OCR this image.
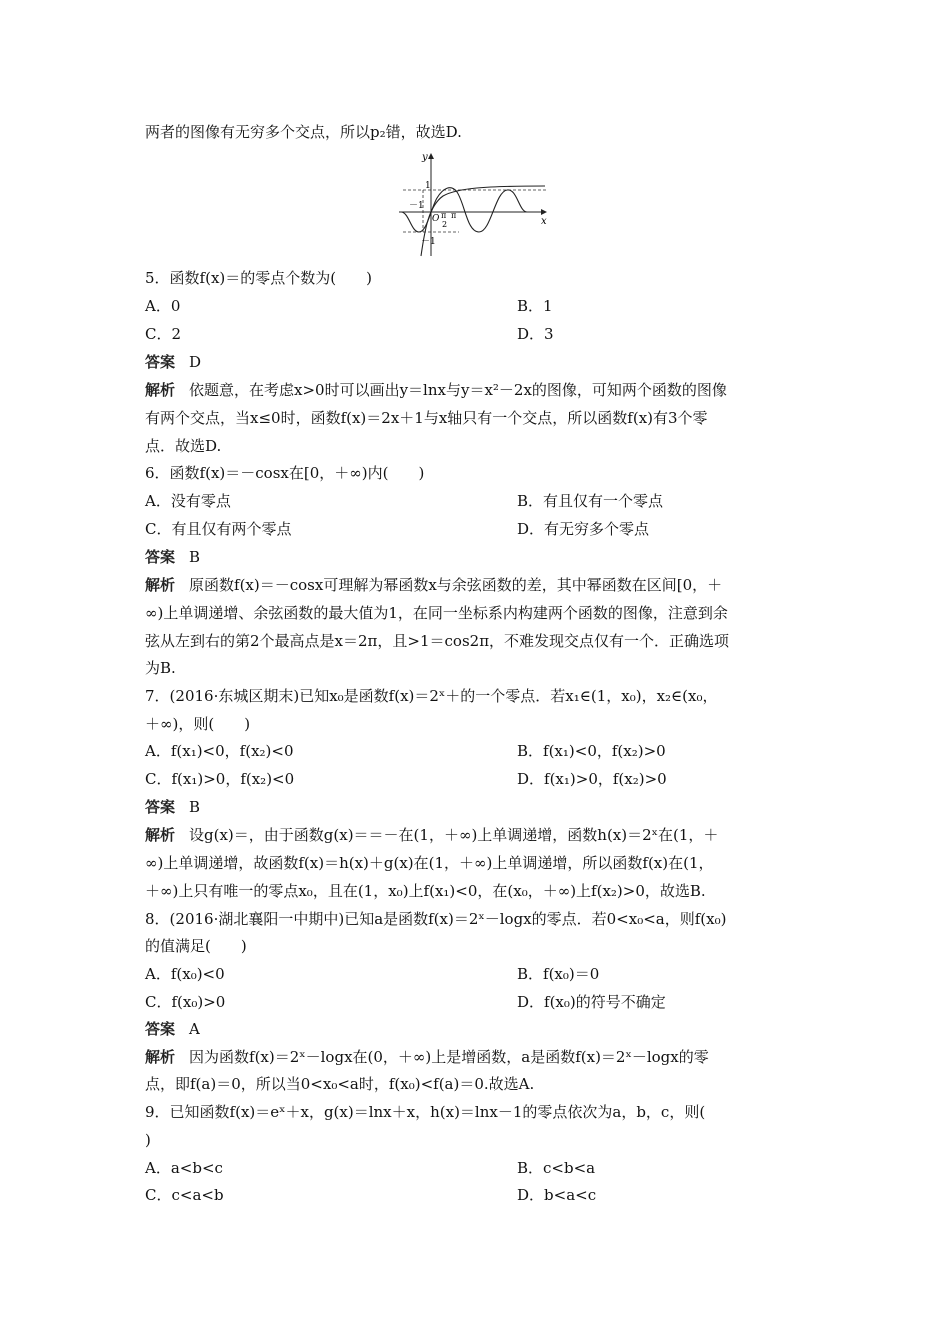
两者的图像有无穷多个交点，所以p₂错，故选D.
y
x
1
－1
O π
2
π
－1
5．函数f(x)＝的零点个数为(　　)
A．0	B．1
C．2	D．3
答案 D
解析 依题意，在考虑x>0时可以画出y＝lnx与y＝x²－2x的图像，可知两个函数的图像
有两个交点，当x≤0时，函数f(x)＝2x＋1与x轴只有一个交点，所以函数f(x)有3个零
点．故选D.
6．函数f(x)＝－cosx在[0，＋∞)内(　　)
A．没有零点	B．有且仅有一个零点
C．有且仅有两个零点	D．有无穷多个零点
答案 B
解析 原函数f(x)＝－cosx可理解为幂函数x与余弦函数的差，其中幂函数在区间[0，＋
∞)上单调递增、余弦函数的最大值为1，在同一坐标系内构建两个函数的图像，注意到余
弦从左到右的第2个最高点是x＝2π，且>1＝cos2π，不难发现交点仅有一个．正确选项
为B.
7．(2016·东城区期末)已知x₀是函数f(x)＝2ˣ＋的一个零点．若x₁∈(1，x₀)，x₂∈(x₀，
＋∞)，则(　　)
A．f(x₁)<0，f(x₂)<0	B．f(x₁)<0，f(x₂)>0
C．f(x₁)>0，f(x₂)<0	D．f(x₁)>0，f(x₂)>0
答案 B
解析 设g(x)＝，由于函数g(x)＝＝－在(1，＋∞)上单调递增，函数h(x)＝2ˣ在(1，＋
∞)上单调递增，故函数f(x)＝h(x)＋g(x)在(1，＋∞)上单调递增，所以函数f(x)在(1，
＋∞)上只有唯一的零点x₀，且在(1，x₀)上f(x₁)<0，在(x₀，＋∞)上f(x₂)>0，故选B.
8．(2016·湖北襄阳一中期中)已知a是函数f(x)＝2ˣ－logx的零点．若0<x₀<a，则f(x₀)
的值满足(　　)
A．f(x₀)<0	B．f(x₀)＝0
C．f(x₀)>0	D．f(x₀)的符号不确定
答案 A
解析 因为函数f(x)＝2ˣ－logx在(0，＋∞)上是增函数，a是函数f(x)＝2ˣ－logx的零
点，即f(a)＝0，所以当0<x₀<a时，f(x₀)<f(a)＝0.故选A.
9．已知函数f(x)＝eˣ＋x，g(x)＝lnx＋x，h(x)＝lnx－1的零点依次为a，b，c，则(
)
A．a<b<c	B．c<b<a
C．c<a<b	D．b<a<c
